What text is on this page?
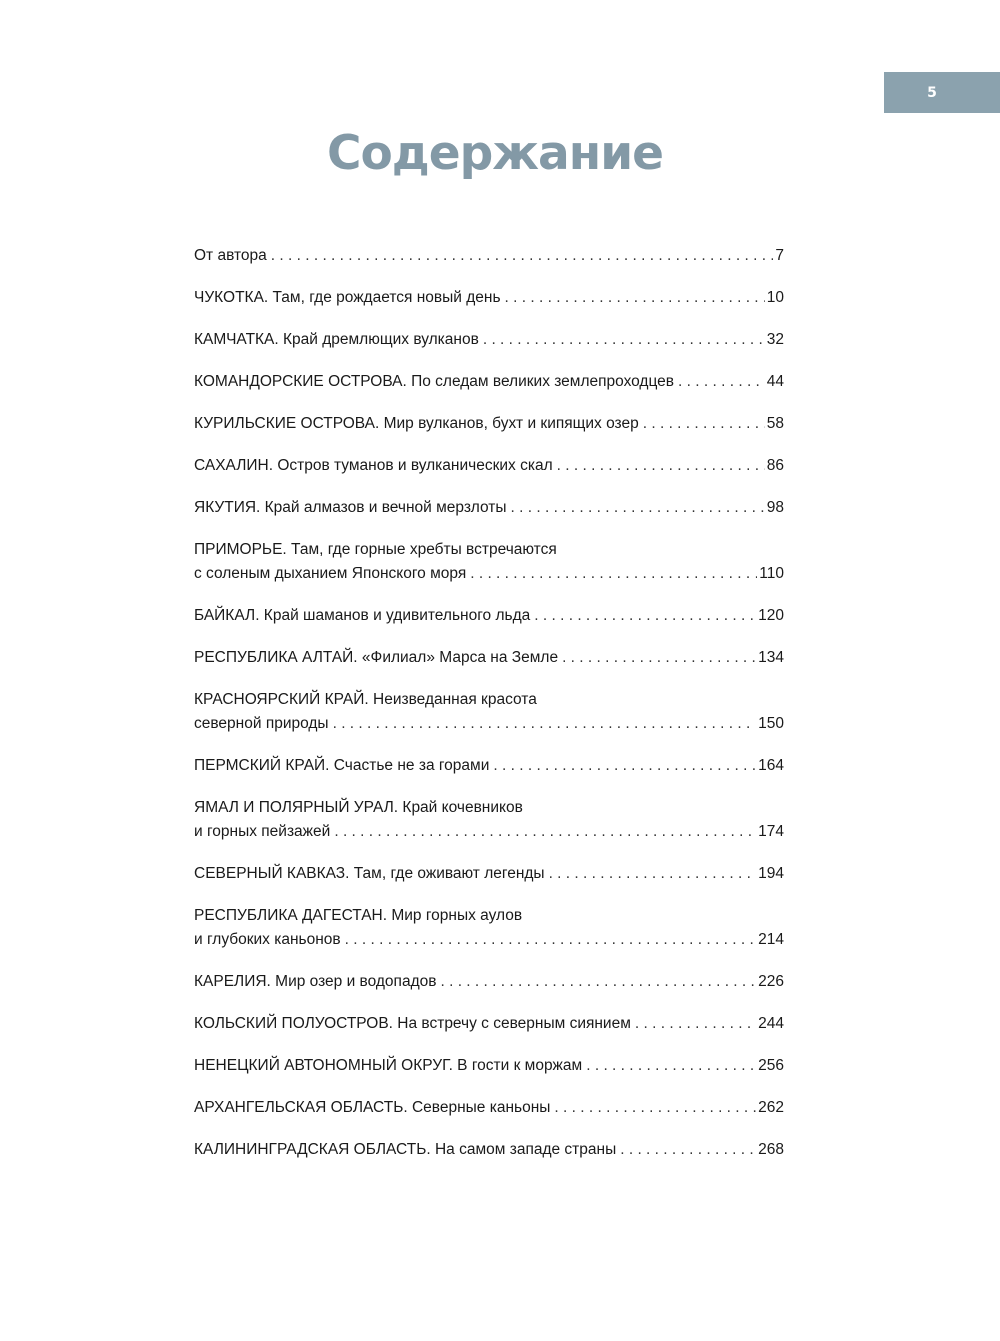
5
Содержание
От автора . . .	7
ЧУКОТКА. Там, где рождается новый день . . .	10
КАМЧАТКА. Край дремлющих вулканов . . .	32
КОМАНДОРСКИЕ ОСТРОВА. По следам великих землепроходцев . . .	44
КУРИЛЬСКИЕ ОСТРОВА. Мир вулканов, бухт и кипящих озер . . .	58
САХАЛИН. Остров туманов и вулканических скал . . .	86
ЯКУТИЯ. Край алмазов и вечной мерзлоты . . .	98
ПРИМОРЬЕ. Там, где горные хребты встречаются
с соленым дыханием Японского моря . . .	110
БАЙКАЛ. Край шаманов и удивительного льда . . .	120
РЕСПУБЛИКА АЛТАЙ. «Филиал» Марса на Земле . . .	134
КРАСНОЯРСКИЙ КРАЙ. Неизведанная красота
северной природы . . .	150
ПЕРМСКИЙ КРАЙ. Счастье не за горами . . .	164
ЯМАЛ И ПОЛЯРНЫЙ УРАЛ. Край кочевников
и горных пейзажей . . .	174
СЕВЕРНЫЙ КАВКАЗ. Там, где оживают легенды . . .	194
РЕСПУБЛИКА ДАГЕСТАН. Мир горных аулов
и глубоких каньонов . . .	214
КАРЕЛИЯ. Мир озер и водопадов . . .	226
КОЛЬСКИЙ ПОЛУОСТРОВ. На встречу с северным сиянием . . .	244
НЕНЕЦКИЙ АВТОНОМНЫЙ ОКРУГ. В гости к моржам . . .	256
АРХАНГЕЛЬСКАЯ ОБЛАСТЬ. Северные каньоны . . .	262
КАЛИНИНГРАДСКАЯ ОБЛАСТЬ. На самом западе страны . . .	268
